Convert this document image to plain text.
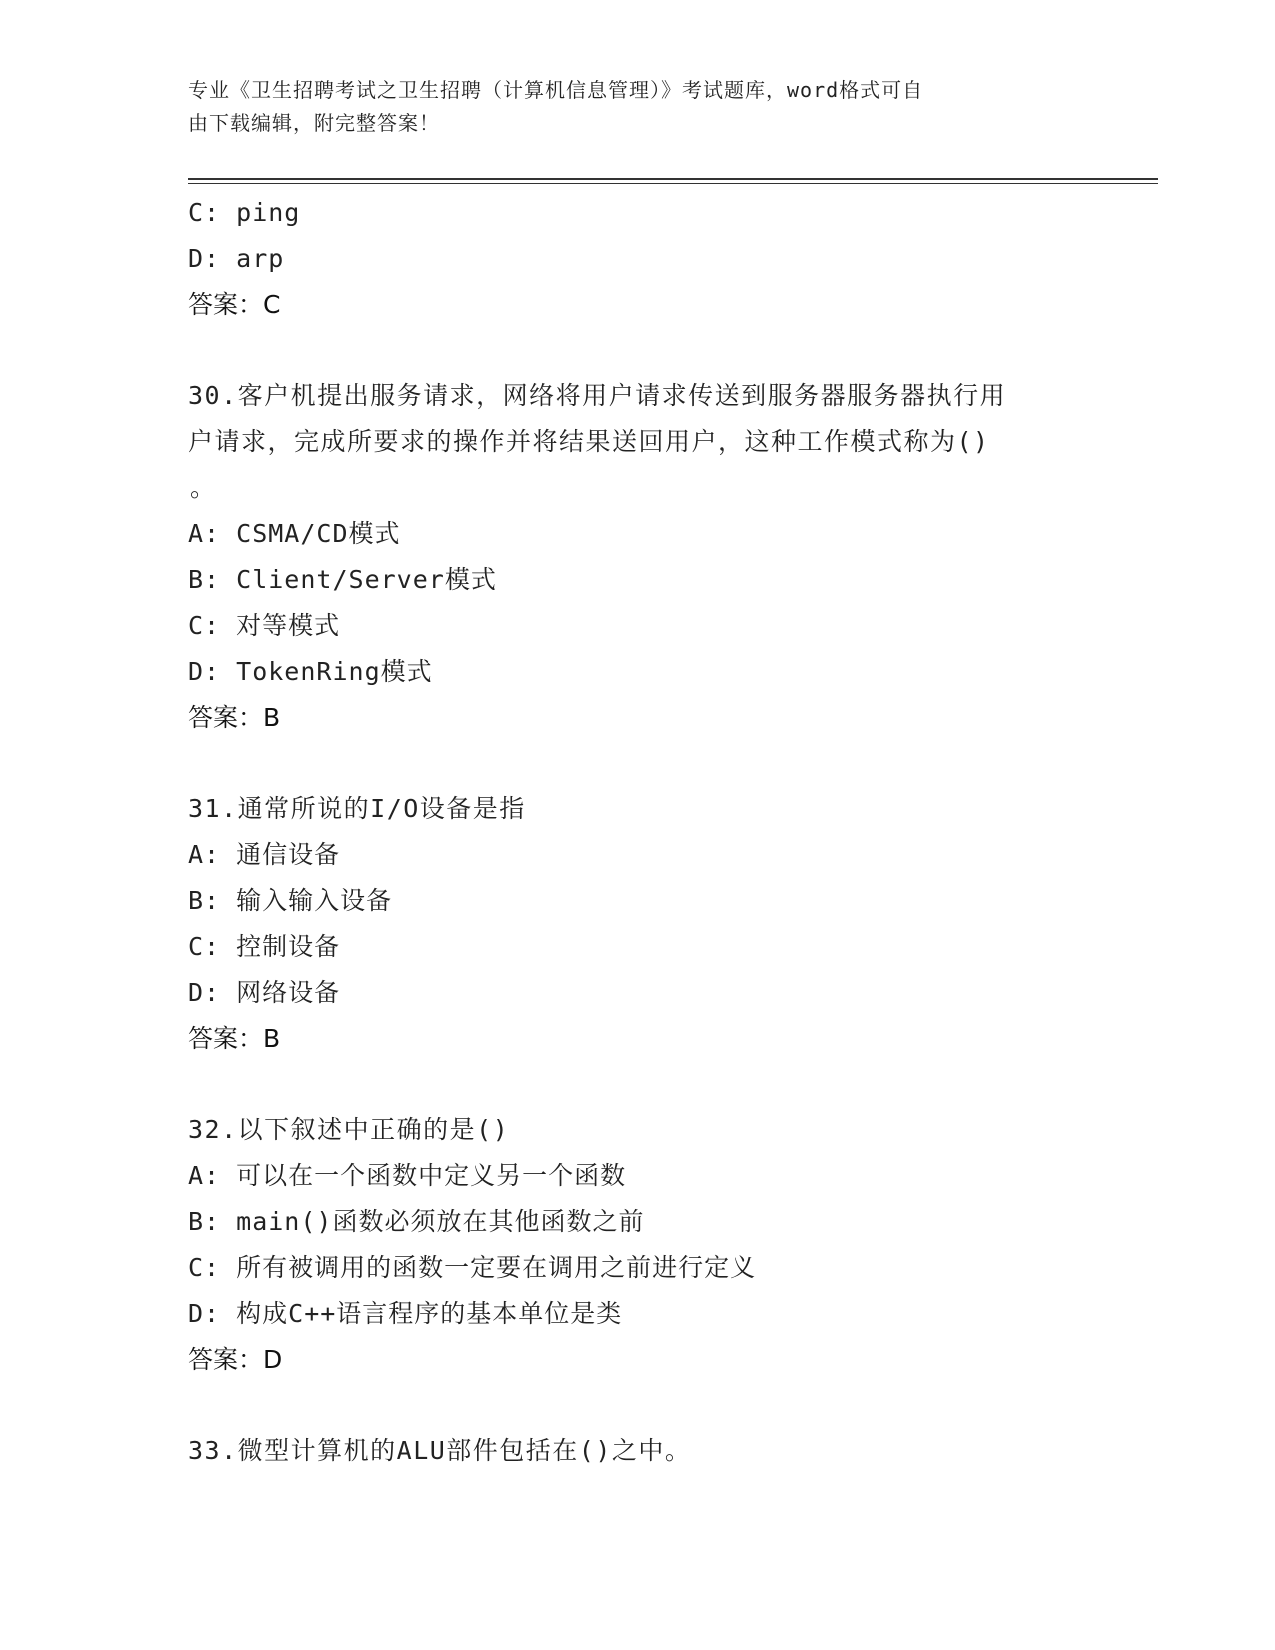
专业《卫生招聘考试之卫生招聘（计算机信息管理）》考试题库，word格式可自
由下载编辑，附完整答案！
C: ping
D: arp
答案：C
30.客户机提出服务请求，网络将用户请求传送到服务器服务器执行用
户请求，完成所要求的操作并将结果送回用户，这种工作模式称为()
。
A: CSMA/CD模式
B: Client/Server模式
C: 对等模式
D: TokenRing模式
答案：B
31.通常所说的I/O设备是指
A: 通信设备
B: 输入输入设备
C: 控制设备
D: 网络设备
答案：B
32.以下叙述中正确的是()
A: 可以在一个函数中定义另一个函数
B: main()函数必须放在其他函数之前
C: 所有被调用的函数一定要在调用之前进行定义
D: 构成C++语言程序的基本单位是类
答案：D
33.微型计算机的ALU部件包括在()之中。
